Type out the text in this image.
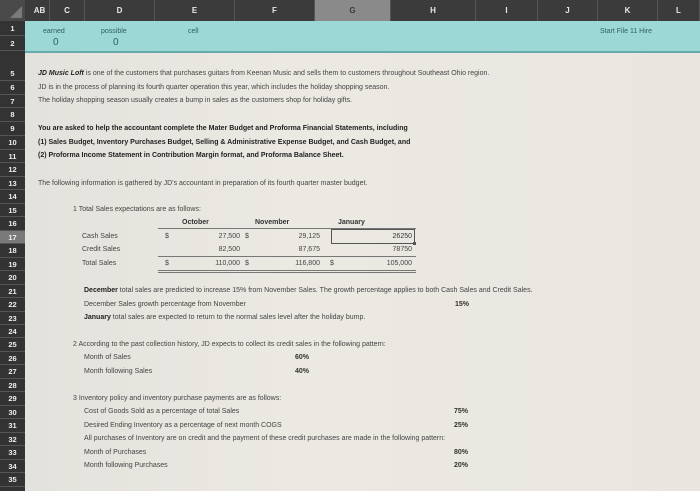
AB	C	D	E	F	G	H	I	J	K	L
1
2
5
6
7
8
9
10
11
12
13
14
15
16
17
18
19
20
21
22
23
24
25
26
27
28
29
30
31
32
33
34
35
earned	possible	cell
0	0
Start File 11 Hire
JD Music Loft is one of the customers that purchases guitars from Keenan Music and sells them to customers throughout Southeast Ohio region.
JD is in the process of planning its fourth quarter operation this year, which includes the holiday shopping season.
The holiday shopping season usually creates a bump in sales as the customers shop for holiday gifts.
You are asked to help the accountant complete the Mater Budget and Proforma Financial Statements, including
(1) Sales Budget, Inventory Purchases Budget, Selling & Administrative Expense Budget, and Cash Budget, and
(2) Proforma Income Statement in Contribution Margin format, and Proforma Balance Sheet.
The following information is gathered by JD's accountant in preparation of its fourth quarter master budget.
1 Total Sales expectations are as follows:
October	November	January
Cash Sales	$	27,500 $	29,125	26250
Credit Sales	82,500	87,675	78750
Total Sales	$	110,000 $	116,800 $	105,000
December total sales are predicted to increase 15% from November Sales. The growth percentage applies to both Cash Sales and Credit Sales.
December Sales growth percentage from November	15%
January total sales are expected to return to the normal sales level after the holiday bump.
2 According to the past collection history, JD expects to collect its credit sales in the following pattern:
Month of Sales	60%
Month following Sales	40%
3 Inventory policy and inventory purchase payments are as follows:
Cost of Goods Sold as a percentage of total Sales	75%
Desired Ending Inventory as a percentage of next month COGS	25%
All purchases of Inventory are on credit and the payment of these credit purchases are made in the following pattern:
Month of Purchases	80%
Month following Purchases	20%
